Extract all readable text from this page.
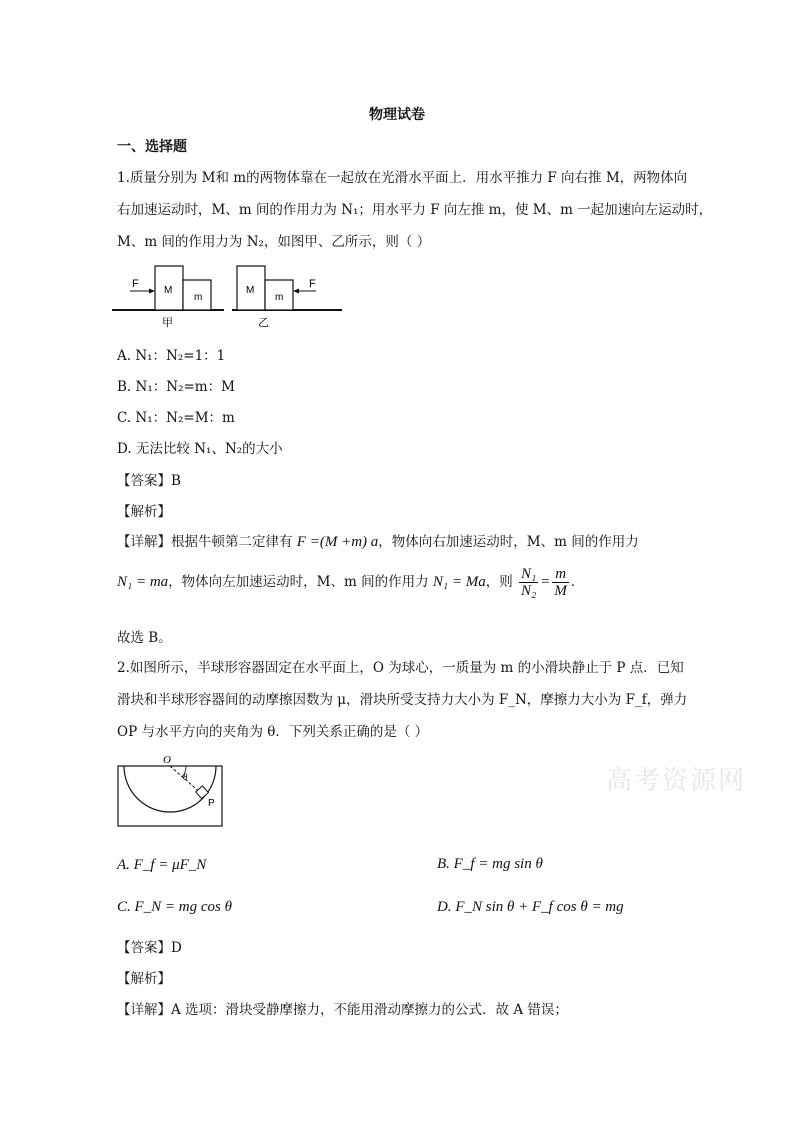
物理试卷
一、选择题
1.质量分别为 M和 m的两物体靠在一起放在光滑水平面上．用水平推力 F 向右推 M，两物体向
右加速运动时，M、m 间的作用力为 N₁；用水平力 F 向左推 m，使 M、m 一起加速向左运动时，
M、m 间的作用力为 N₂，如图甲、乙所示，则（ ）
F
M
m
甲
F
M
m
乙
A. N₁：N₂=1：1
B. N₁：N₂=m：M
C. N₁：N₂=M：m
D. 无法比较 N₁、N₂的大小
【答案】B
【解析】
【详解】根据牛顿第二定律有 F =(M +m) a，物体向右加速运动时，M、m 间的作用力
N₁ = ma，物体向左加速运动时，M、m 间的作用力 N₁ = Ma，则 $\frac{\text{N₁}}{\text{N₂}} = \frac{m}{M}$ ．
故选 B。
2.如图所示，半球形容器固定在水平面上，O 为球心，一质量为 m 的小滑块静止于 P 点．已知
滑块和半球形容器间的动摩擦因数为 μ，滑块所受支持力大小为 F_N，摩擦力大小为 F_f，弹力
OP 与水平方向的夹角为 θ．下列关系正确的是（ ）
O
θ
P
高考资源网
A. F_f = μF_N	B. F_f = mg sin θ
C. F_N = mg cos θ	D. F_N sin θ + F_f cos θ = mg
【答案】D
【解析】
【详解】A 选项：滑块受静摩擦力，不能用滑动摩擦力的公式．故 A 错误；
